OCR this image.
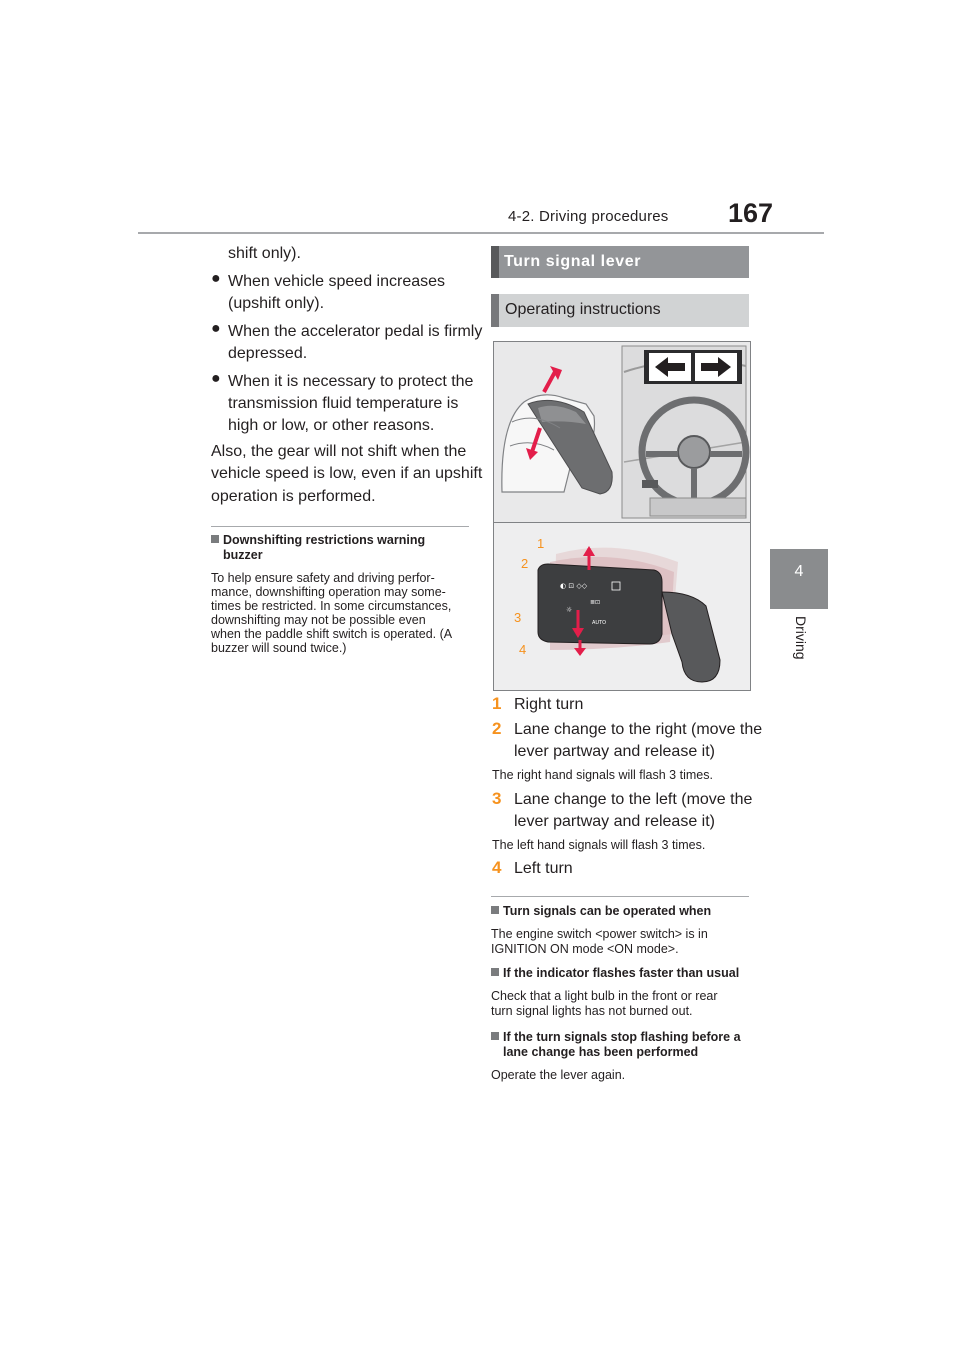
4-2. Driving procedures 167
4
Driving
shift only).
● When vehicle speed increases
(upshift only).
● When the accelerator pedal is firmly
depressed.
● When it is necessary to protect the
transmission fluid temperature is
high or low, or other reasons.
Also, the gear will not shift when the
vehicle speed is low, even if an upshift
operation is performed.
Downshifting restrictions warning
buzzer
To help ensure safety and driving perfor-
mance, downshifting operation may some-
times be restricted. In some circumstances,
downshifting may not be possible even
when the paddle shift switch is operated. (A
buzzer will sound twice.)
Turn signal lever
Operating instructions
◐ ⊡ ◇◇
≣⊡
☼
AUTO
1
2
3
4
1 Right turn
2 Lane change to the right (move the
lever partway and release it)
The right hand signals will flash 3 times.
3 Lane change to the left (move the
lever partway and release it)
The left hand signals will flash 3 times.
4 Left turn
Turn signals can be operated when
The engine switch <power switch> is in
IGNITION ON mode <ON mode>.
If the indicator flashes faster than usual
Check that a light bulb in the front or rear
turn signal lights has not burned out.
If the turn signals stop flashing before a
lane change has been performed
Operate the lever again.
